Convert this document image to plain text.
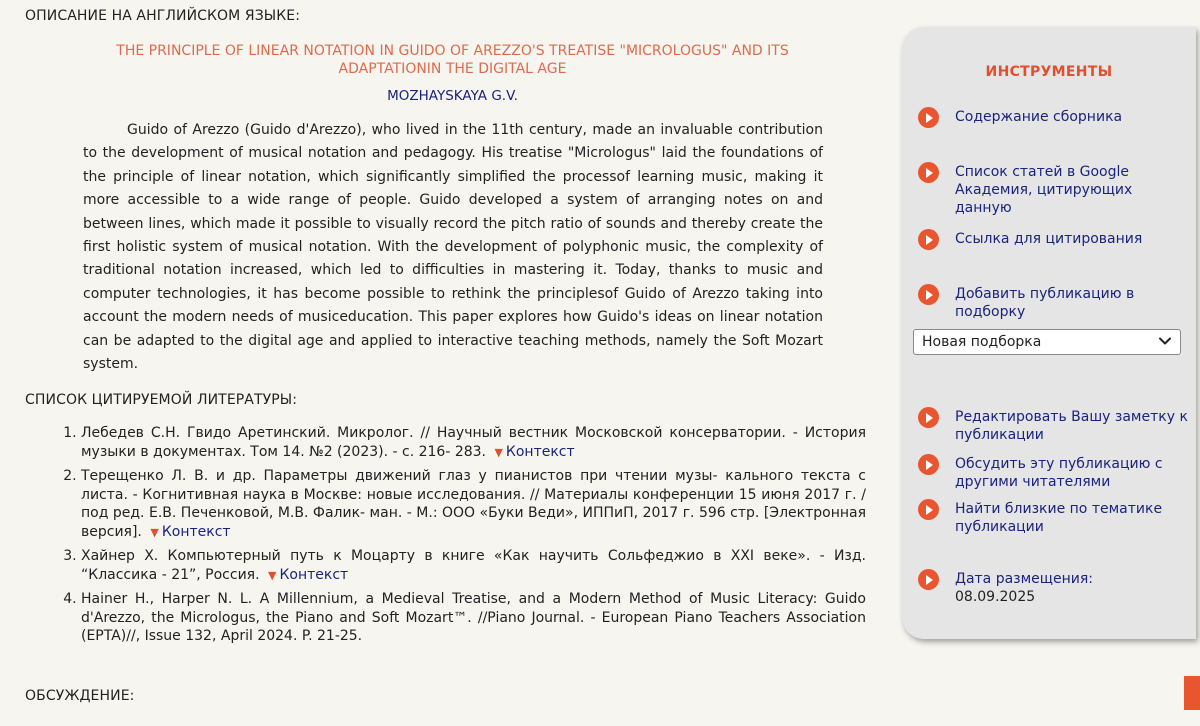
ОПИСАНИЕ НА АНГЛИЙСКОМ ЯЗЫКЕ:
THE PRINCIPLE OF LINEAR NOTATION IN GUIDO OF AREZZO'S TREATISE "MICROLOGUS" AND ITS ADAPTATIONIN THE DIGITAL AGE
MOZHAYSKAYA G.V.

Guido of Arezzo (Guido d'Arezzo), who lived in the 11th century, made an invaluable contribution to the development of musical notation and pedagogy. His treatise "Micrologus" laid the foundations of the principle of linear notation, which significantly simplified the processof learning music, making it more accessible to a wide range of people. Guido developed a system of arranging notes on and between lines, which made it possible to visually record the pitch ratio of sounds and thereby create the first holistic system of musical notation. With the development of polyphonic music, the complexity of traditional notation increased, which led to difficulties in mastering it. Today, thanks to music and computer technologies, it has become possible to rethink the principlesof Guido of Arezzo taking into account the modern needs of musiceducation. This paper explores how Guido's ideas on linear notation can be adapted to the digital age and applied to interactive teaching methods, namely the Soft Mozart system.

СПИСОК ЦИТИРУЕМОЙ ЛИТЕРАТУРЫ:
1. Лебедев С.Н. Гвидо Аретинский. Микролог. // Научный вестник Московской консерватории. - История музыки в документах. Том 14. №2 (2023). - с. 216- 283. ▼ Контекст
2. Терещенко Л. В. и др. Параметры движений глаз у пианистов при чтении музы- кального текста с листа. - Когнитивная наука в Москве: новые исследования. // Материалы конференции 15 июня 2017 г. / под ред. Е.В. Печенковой, М.В. Фалик- ман. - М.: ООО «Буки Веди», ИППиП, 2017 г. 596 стр. [Электронная версия]. ▼ Контекст
3. Хайнер Х. Компьютерный путь к Моцарту в книге «Как научить Сольфеджио в XXI веке». - Изд. “Классика - 21”, Россия. ▼ Контекст
4. Hainer H., Harper N. L. A Millennium, a Medieval Treatise, and a Modern Method of Music Literacy: Guido d'Arezzo, the Micrologus, the Piano and Soft Mozart™. //Piano Journal. - European Piano Teachers Association (EPTA)//, Issue 132, April 2024. P. 21-25.
ОБСУЖДЕНИЕ:
ИНСТРУМЕНТЫ
Содержание сборника
Список статей в Google Академия, цитирующих данную
Ссылка для цитирования
Добавить публикацию в подборку
Новая подборка
Редактировать Вашу заметку к публикации
Обсудить эту публикацию с другими читателями
Найти близкие по тематике публикации
Дата размещения:
08.09.2025
